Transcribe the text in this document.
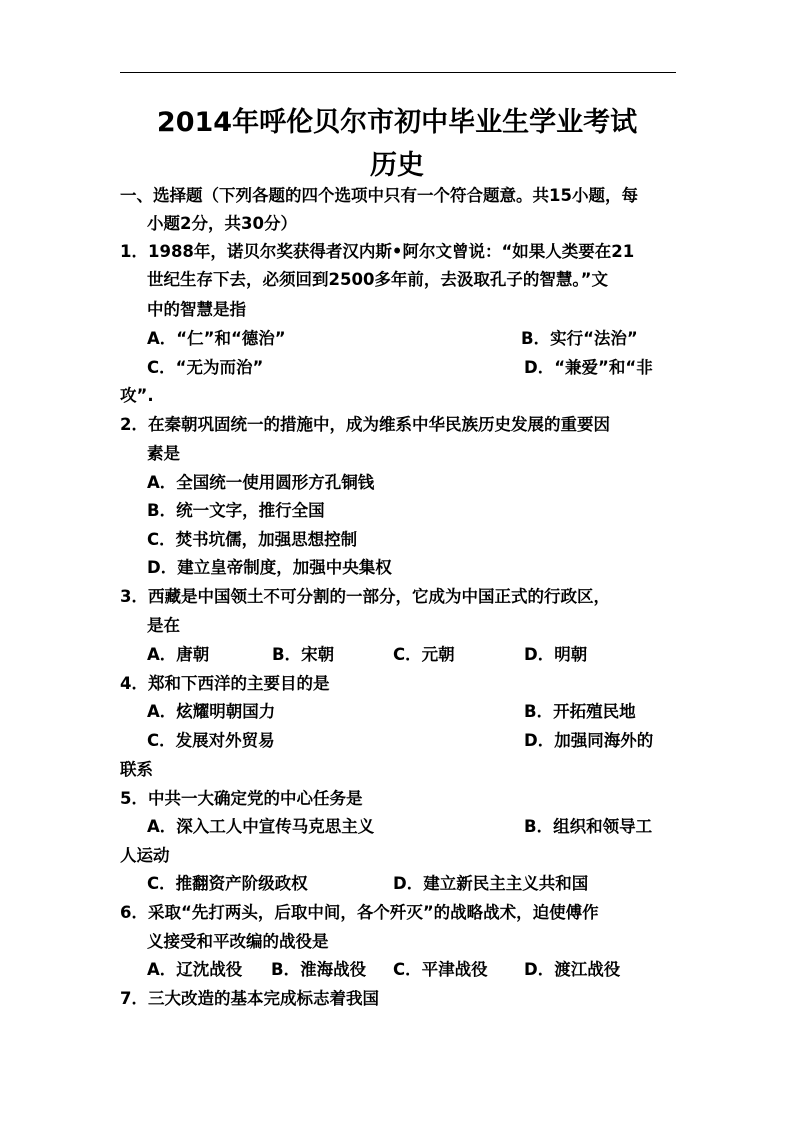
2014年呼伦贝尔市初中毕业生学业考试
历史
一、选择题（下列各题的四个选项中只有一个符合题意。共15小题，每
小题2分，共30分）
1．1988年，诺贝尔奖获得者汉内斯•阿尔文曾说：“如果人类要在21
世纪生存下去，必须回到2500多年前，去汲取孔子的智慧。”文
中的智慧是指
A．“仁”和“德治”	B．实行“法治”
C．“无为而治”	D．“兼爱”和“非
攻”.
2．在秦朝巩固统一的措施中，成为维系中华民族历史发展的重要因
素是
A．全国统一使用圆形方孔铜钱
B．统一文字，推行全国
C．焚书坑儒，加强思想控制
D．建立皇帝制度，加强中央集权
3．西藏是中国领土不可分割的一部分，它成为中国正式的行政区，
是在
A．唐朝	B．宋朝	C．元朝	D．明朝
4．郑和下西洋的主要目的是
A．炫耀明朝国力	B．开拓殖民地
C．发展对外贸易	D．加强同海外的
联系
5．中共一大确定党的中心任务是
A．深入工人中宣传马克思主义	B．组织和领导工
人运动
C．推翻资产阶级政权	D．建立新民主主义共和国
6．采取“先打两头，后取中间，各个歼灭”的战略战术，迫使傅作
义接受和平改编的战役是
A．辽沈战役 B．淮海战役 C．平津战役 D．渡江战役
7．三大改造的基本完成标志着我国
